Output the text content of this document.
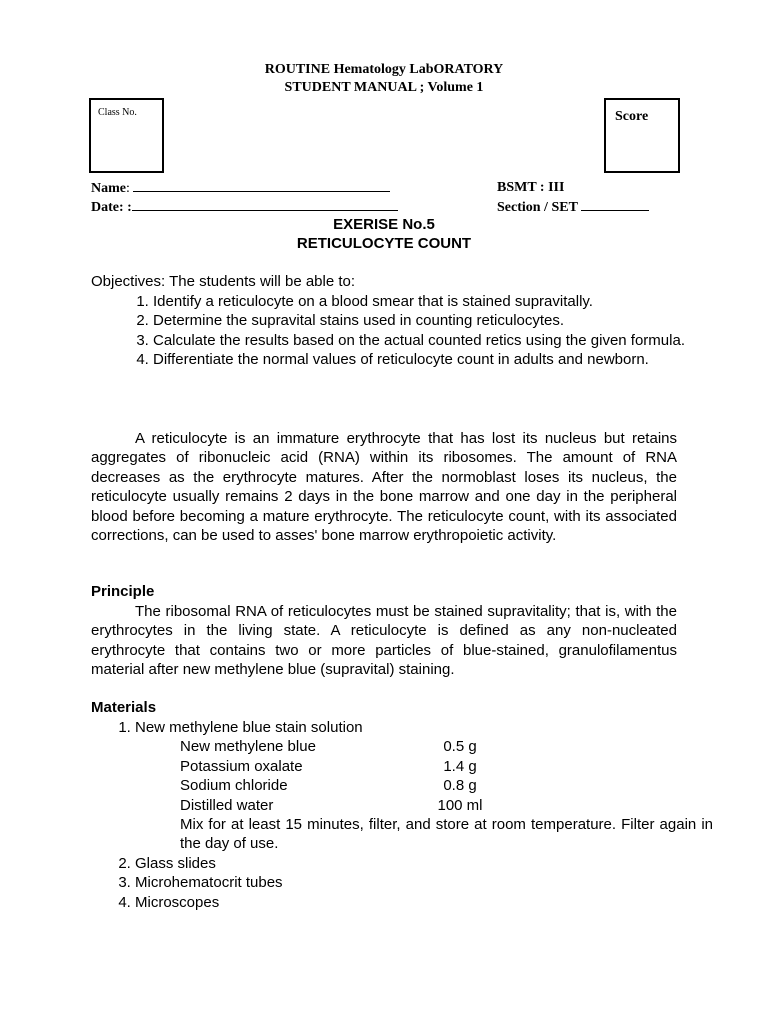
ROUTINE Hematology LabORATORY
STUDENT MANUAL ; Volume 1
Class No.	Score
Name:
Date: :
BSMT : III
Section / SET
EXERISE No.5
RETICULOCYTE COUNT
Objectives: The students will be able to:
1. Identify a reticulocyte on a blood smear that is stained supravitally.
2. Determine the supravital stains used in counting reticulocytes.
3. Calculate the results based on the actual counted retics using the given formula.
4. Differentiate the normal values of reticulocyte count in adults and newborn.
A reticulocyte is an immature erythrocyte that has lost its nucleus but retains aggregates of ribonucleic acid (RNA) within its ribosomes. The amount of RNA decreases as the erythrocyte matures. After the normoblast loses its nucleus, the reticulocyte usually remains 2 days in the bone marrow and one day in the peripheral blood before becoming a mature erythrocyte. The reticulocyte count, with its associated corrections, can be used to asses' bone marrow erythropoietic activity.
Principle
The ribosomal RNA of reticulocytes must be stained supravitality; that is, with the erythrocytes in the living state. A reticulocyte is defined as any non-nucleated erythrocyte that contains two or more particles of blue-stained, granulofilamentus material after new methylene blue (supravital) staining.
Materials
1. New methylene blue stain solution
New methylene blue	0.5 g
Potassium oxalate	1.4 g
Sodium chloride	0.8 g
Distilled water	100 ml
Mix for at least 15 minutes, filter, and store at room temperature. Filter again in the day of use.
2. Glass slides
3. Microhematocrit tubes
4. Microscopes
